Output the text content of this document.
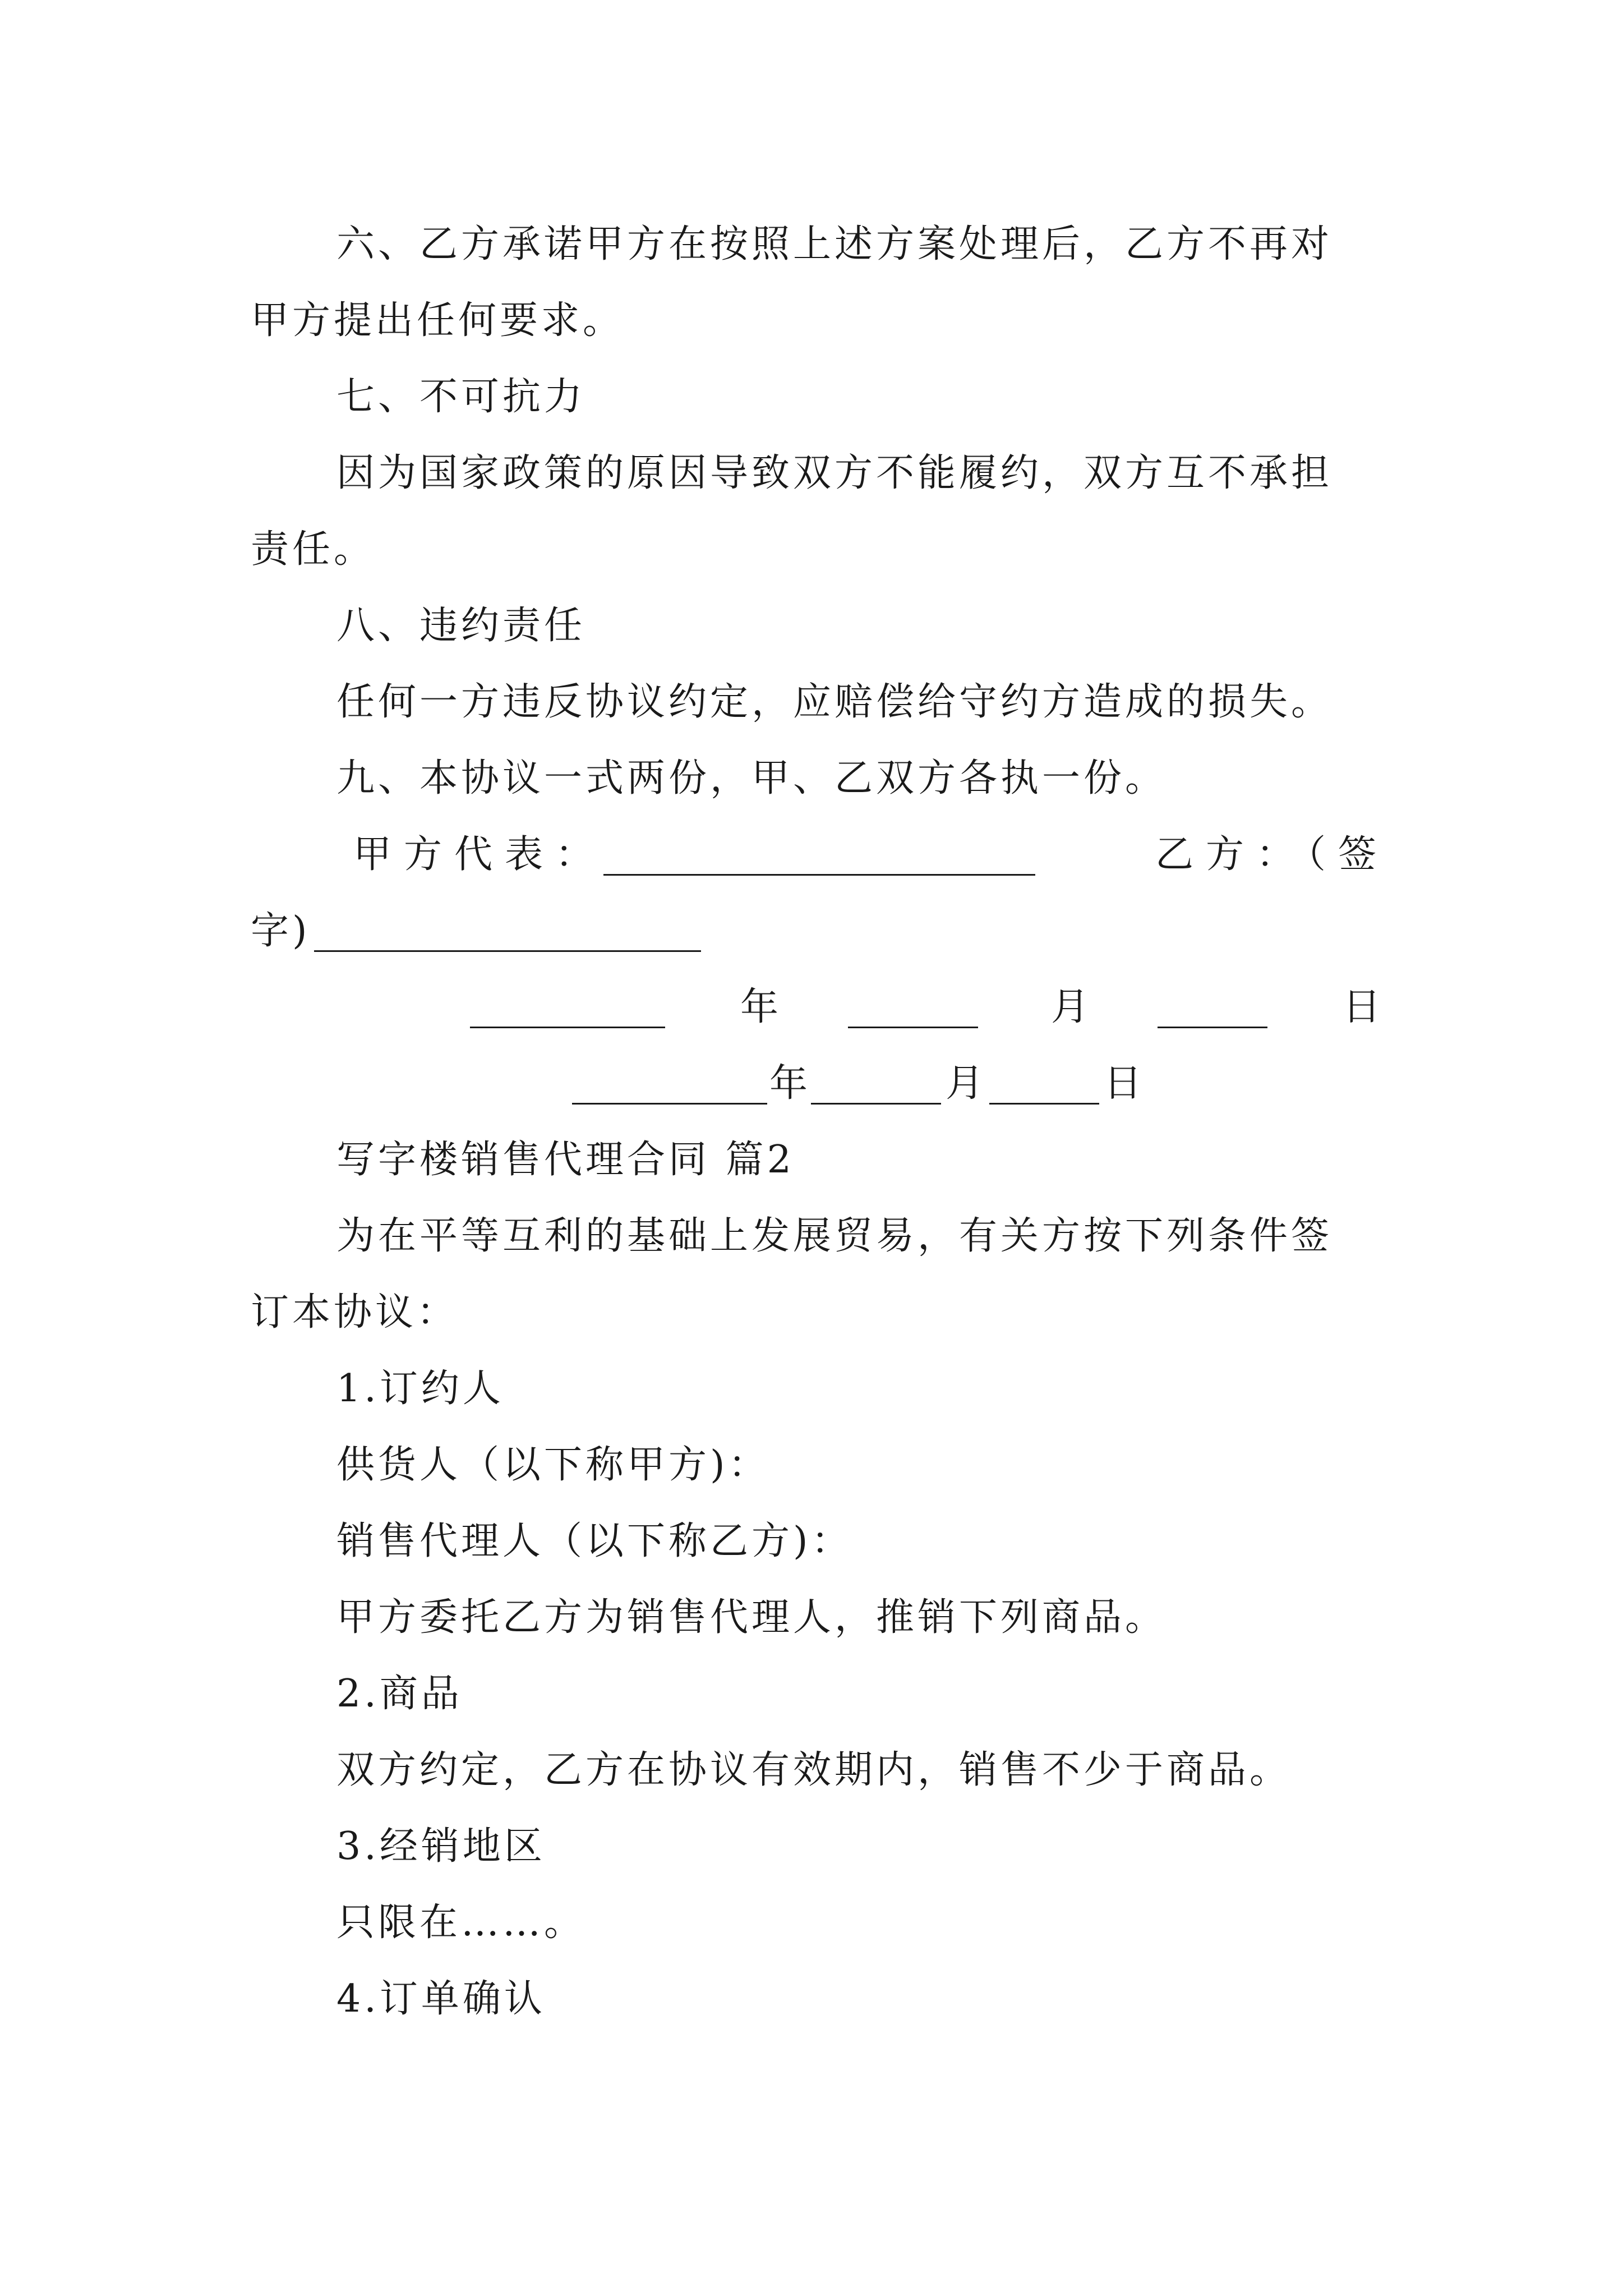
六、乙方承诺甲方在按照上述方案处理后，乙方不再对

甲方提出任何要求。

七、不可抗力

因为国家政策的原因导致双方不能履约，双方互不承担

责任。

八、违约责任

任何一方违反协议约定，应赔偿给守约方造成的损失。

九、本协议一式两份，甲、乙双方各执一份。

甲方代表：	乙方：（签

字)

年	月	日

年	月	日

写字楼销售代理合同 篇2

为在平等互利的基础上发展贸易，有关方按下列条件签

订本协议：

1.订约人

供货人（以下称甲方)：

销售代理人（以下称乙方)：

甲方委托乙方为销售代理人，推销下列商品。

2.商品

双方约定，乙方在协议有效期内，销售不少于商品。

3.经销地区

只限在……。

4.订单确认
